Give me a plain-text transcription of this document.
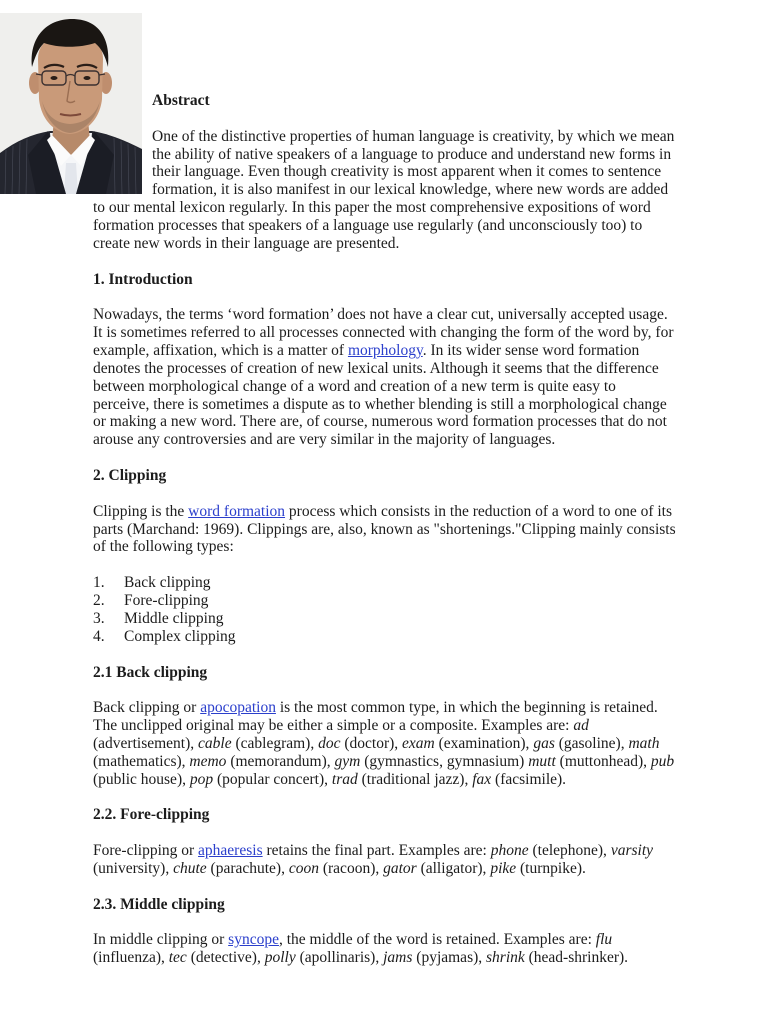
Abstract
One of the distinctive properties of human language is creativity, by which we mean
the ability of native speakers of a language to produce and understand new forms in
their language. Even though creativity is most apparent when it comes to sentence
formation, it is also manifest in our lexical knowledge, where new words are added
to our mental lexicon regularly. In this paper the most comprehensive expositions of word
formation processes that speakers of a language use regularly (and unconsciously too) to
create new words in their language are presented.
1. Introduction
Nowadays, the terms ‘word formation’ does not have a clear cut, universally accepted usage.
It is sometimes referred to all processes connected with changing the form of the word by, for
example, affixation, which is a matter of morphology. In its wider sense word formation
denotes the processes of creation of new lexical units. Although it seems that the difference
between morphological change of a word and creation of a new term is quite easy to
perceive, there is sometimes a dispute as to whether blending is still a morphological change
or making a new word. There are, of course, numerous word formation processes that do not
arouse any controversies and are very similar in the majority of languages.
2. Clipping
Clipping is the word formation process which consists in the reduction of a word to one of its
parts (Marchand: 1969). Clippings are, also, known as "shortenings."Clipping mainly consists
of the following types:
1. Back clipping
2. Fore-clipping
3. Middle clipping
4. Complex clipping
2.1 Back clipping
Back clipping or apocopation is the most common type, in which the beginning is retained.
The unclipped original may be either a simple or a composite. Examples are: ad
(advertisement), cable (cablegram), doc (doctor), exam (examination), gas (gasoline), math
(mathematics), memo (memorandum), gym (gymnastics, gymnasium) mutt (muttonhead), pub
(public house), pop (popular concert), trad (traditional jazz), fax (facsimile).
2.2. Fore-clipping
Fore-clipping or aphaeresis retains the final part. Examples are: phone (telephone), varsity
(university), chute (parachute), coon (racoon), gator (alligator), pike (turnpike).
2.3. Middle clipping
In middle clipping or syncope, the middle of the word is retained. Examples are: flu
(influenza), tec (detective), polly (apollinaris), jams (pyjamas), shrink (head-shrinker).
